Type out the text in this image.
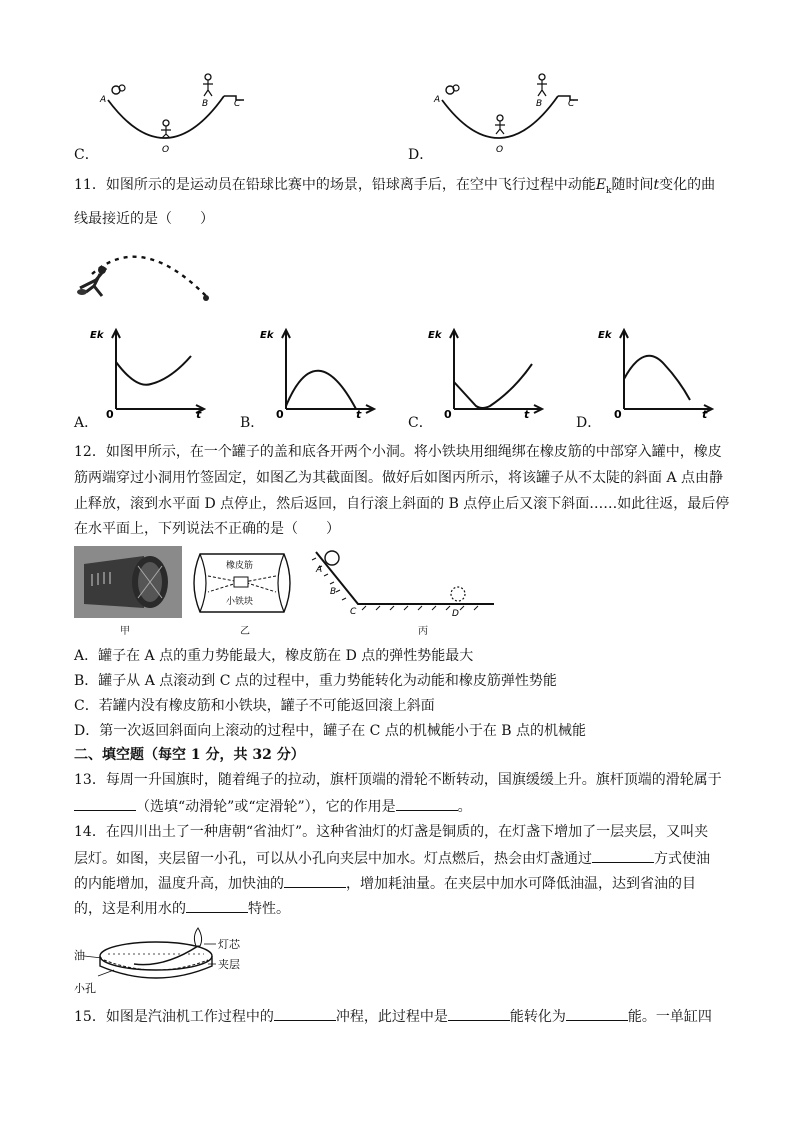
A	B	C
O
C．
A	B	C
O
D．
11．如图所示的是运动员在铅球比赛中的场景，铅球离手后，在空中飞行过程中动能$E_k$随时间t变化的曲
线最接近的是（　　）
Ek
0	t
A．
Ek
0	t
B．
Ek
0	t
C．
Ek
0	t
D．
12．如图甲所示，在一个罐子的盖和底各开两个小洞。将小铁块用细绳绑在橡皮筋的中部穿入罐中，橡皮
筋两端穿过小洞用竹签固定，如图乙为其截面图。做好后如图丙所示，将该罐子从不太陡的斜面 A 点由静
止释放，滚到水平面 D 点停止，然后返回，自行滚上斜面的 B 点停止后又滚下斜面……如此往返，最后停
在水平面上，下列说法不正确的是（　　）
甲
橡皮筋
小铁块
乙
A
B
C	D
丙
A．罐子在 A 点的重力势能最大，橡皮筋在 D 点的弹性势能最大
B．罐子从 A 点滚动到 C 点的过程中，重力势能转化为动能和橡皮筋弹性势能
C．若罐内没有橡皮筋和小铁块，罐子不可能返回滚上斜面
D．第一次返回斜面向上滚动的过程中，罐子在 C 点的机械能小于在 B 点的机械能
二、填空题（每空 1 分，共 32 分）
13．每周一升国旗时，随着绳子的拉动，旗杆顶端的滑轮不断转动，国旗缓缓上升。旗杆顶端的滑轮属于
（选填“动滑轮”或“定滑轮”），它的作用是	。
14．在四川出土了一种唐朝“省油灯”。这种省油灯的灯盏是铜质的，在灯盏下增加了一层夹层，又叫夹
层灯。如图，夹层留一小孔，可以从小孔向夹层中加水。灯点燃后，热会由灯盏通过	方式使油
的内能增加，温度升高，加快油的	，增加耗油量。在夹层中加水可降低油温，达到省油的目
的，这是利用水的	特性。
油
灯芯
夹层
小孔
15．如图是汽油机工作过程中的	冲程，此过程中是	能转化为	能。一单缸四
